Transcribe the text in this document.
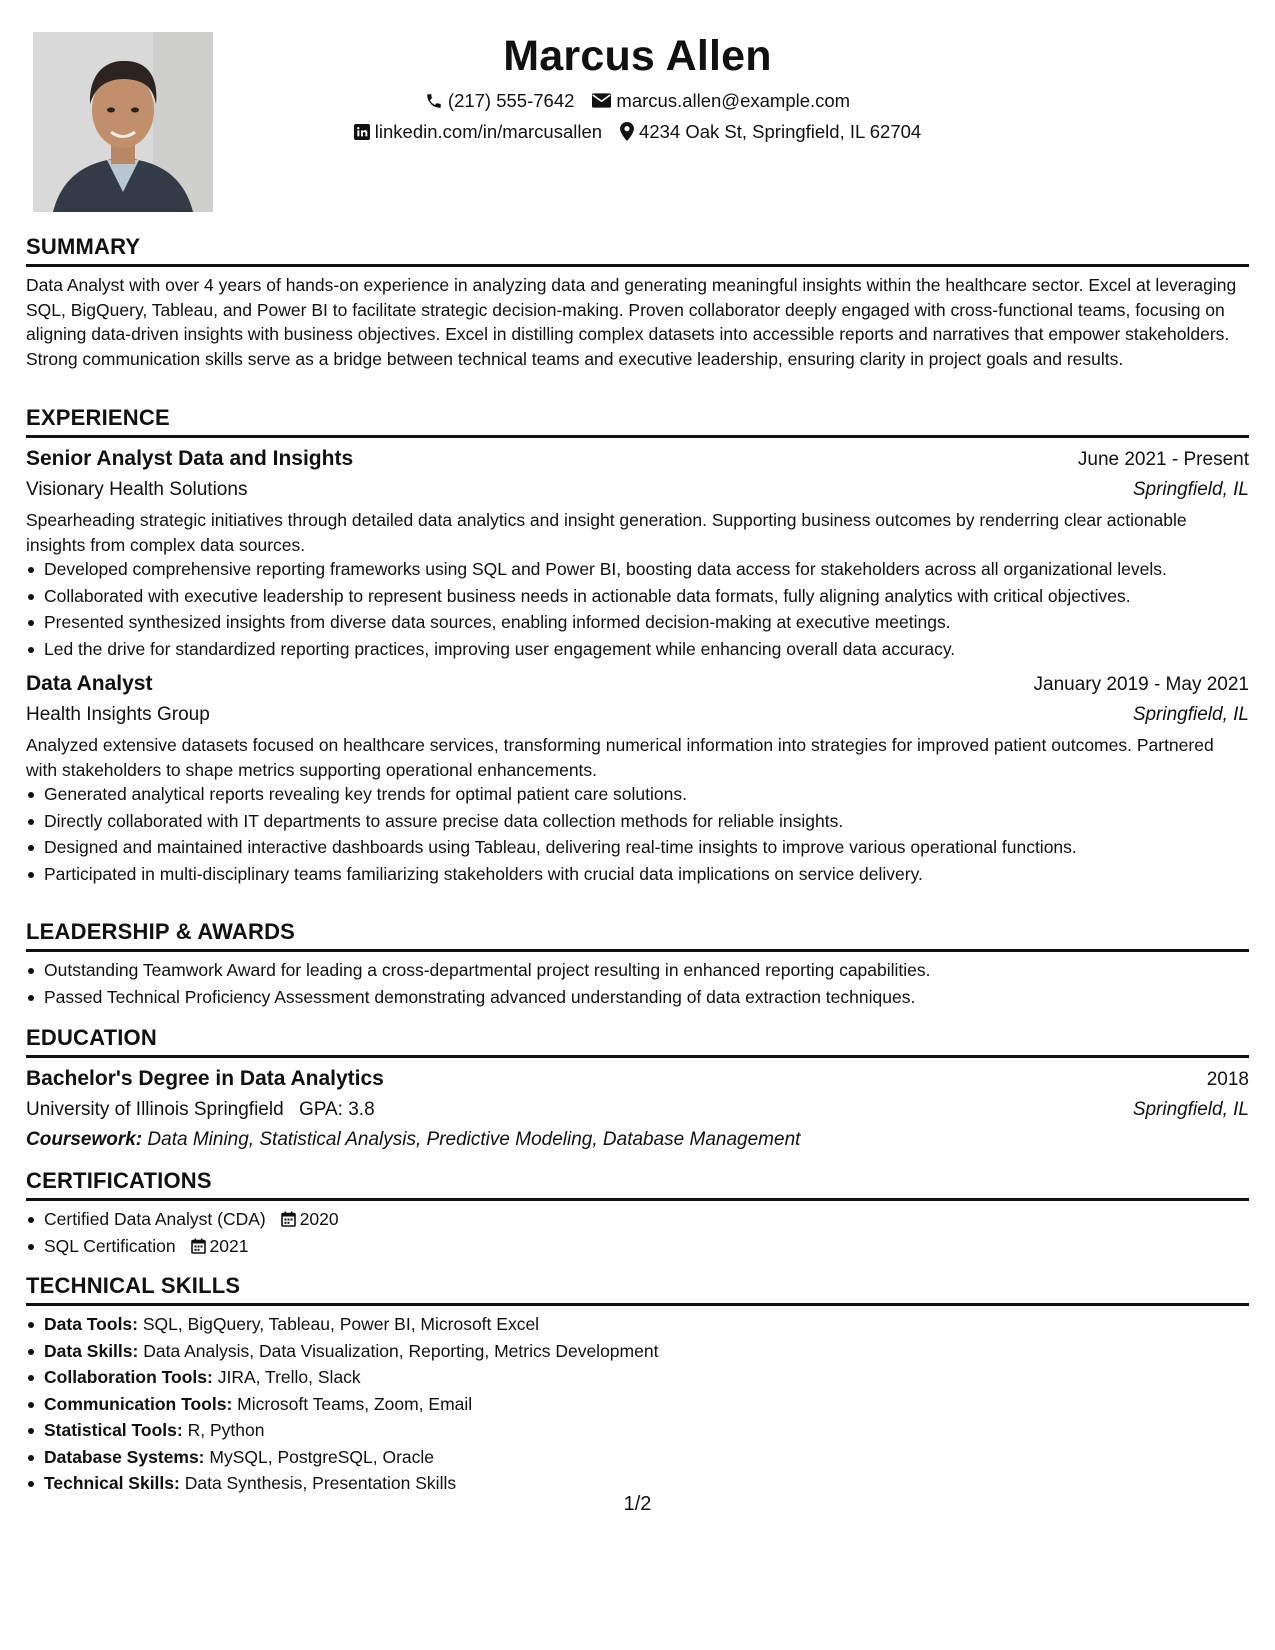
Marcus Allen
(217) 555-7642 marcus.allen@example.com
linkedin.com/in/marcusallen 4234 Oak St, Springfield, IL 62704
SUMMARY
Data Analyst with over 4 years of hands-on experience in analyzing data and generating meaningful insights within the healthcare sector. Excel at leveraging SQL, BigQuery, Tableau, and Power BI to facilitate strategic decision-making. Proven collaborator deeply engaged with cross-functional teams, focusing on aligning data-driven insights with business objectives. Excel in distilling complex datasets into accessible reports and narratives that empower stakeholders. Strong communication skills serve as a bridge between technical teams and executive leadership, ensuring clarity in project goals and results.
EXPERIENCE
Senior Analyst Data and Insights	June 2021 - Present
Visionary Health Solutions	Springfield, IL
Spearheading strategic initiatives through detailed data analytics and insight generation. Supporting business outcomes by renderring clear actionable insights from complex data sources.
Developed comprehensive reporting frameworks using SQL and Power BI, boosting data access for stakeholders across all organizational levels.
Collaborated with executive leadership to represent business needs in actionable data formats, fully aligning analytics with critical objectives.
Presented synthesized insights from diverse data sources, enabling informed decision-making at executive meetings.
Led the drive for standardized reporting practices, improving user engagement while enhancing overall data accuracy.
Data Analyst	January 2019 - May 2021
Health Insights Group	Springfield, IL
Analyzed extensive datasets focused on healthcare services, transforming numerical information into strategies for improved patient outcomes. Partnered with stakeholders to shape metrics supporting operational enhancements.
Generated analytical reports revealing key trends for optimal patient care solutions.
Directly collaborated with IT departments to assure precise data collection methods for reliable insights.
Designed and maintained interactive dashboards using Tableau, delivering real-time insights to improve various operational functions.
Participated in multi-disciplinary teams familiarizing stakeholders with crucial data implications on service delivery.
LEADERSHIP & AWARDS
Outstanding Teamwork Award for leading a cross-departmental project resulting in enhanced reporting capabilities.
Passed Technical Proficiency Assessment demonstrating advanced understanding of data extraction techniques.
EDUCATION
Bachelor's Degree in Data Analytics	2018
University of Illinois Springfield GPA: 3.8	Springfield, IL
Coursework: Data Mining, Statistical Analysis, Predictive Modeling, Database Management
CERTIFICATIONS
Certified Data Analyst (CDA) 2020
SQL Certification 2021
TECHNICAL SKILLS
Data Tools: SQL, BigQuery, Tableau, Power BI, Microsoft Excel
Data Skills: Data Analysis, Data Visualization, Reporting, Metrics Development
Collaboration Tools: JIRA, Trello, Slack
Communication Tools: Microsoft Teams, Zoom, Email
Statistical Tools: R, Python
Database Systems: MySQL, PostgreSQL, Oracle
Technical Skills: Data Synthesis, Presentation Skills
1/2
